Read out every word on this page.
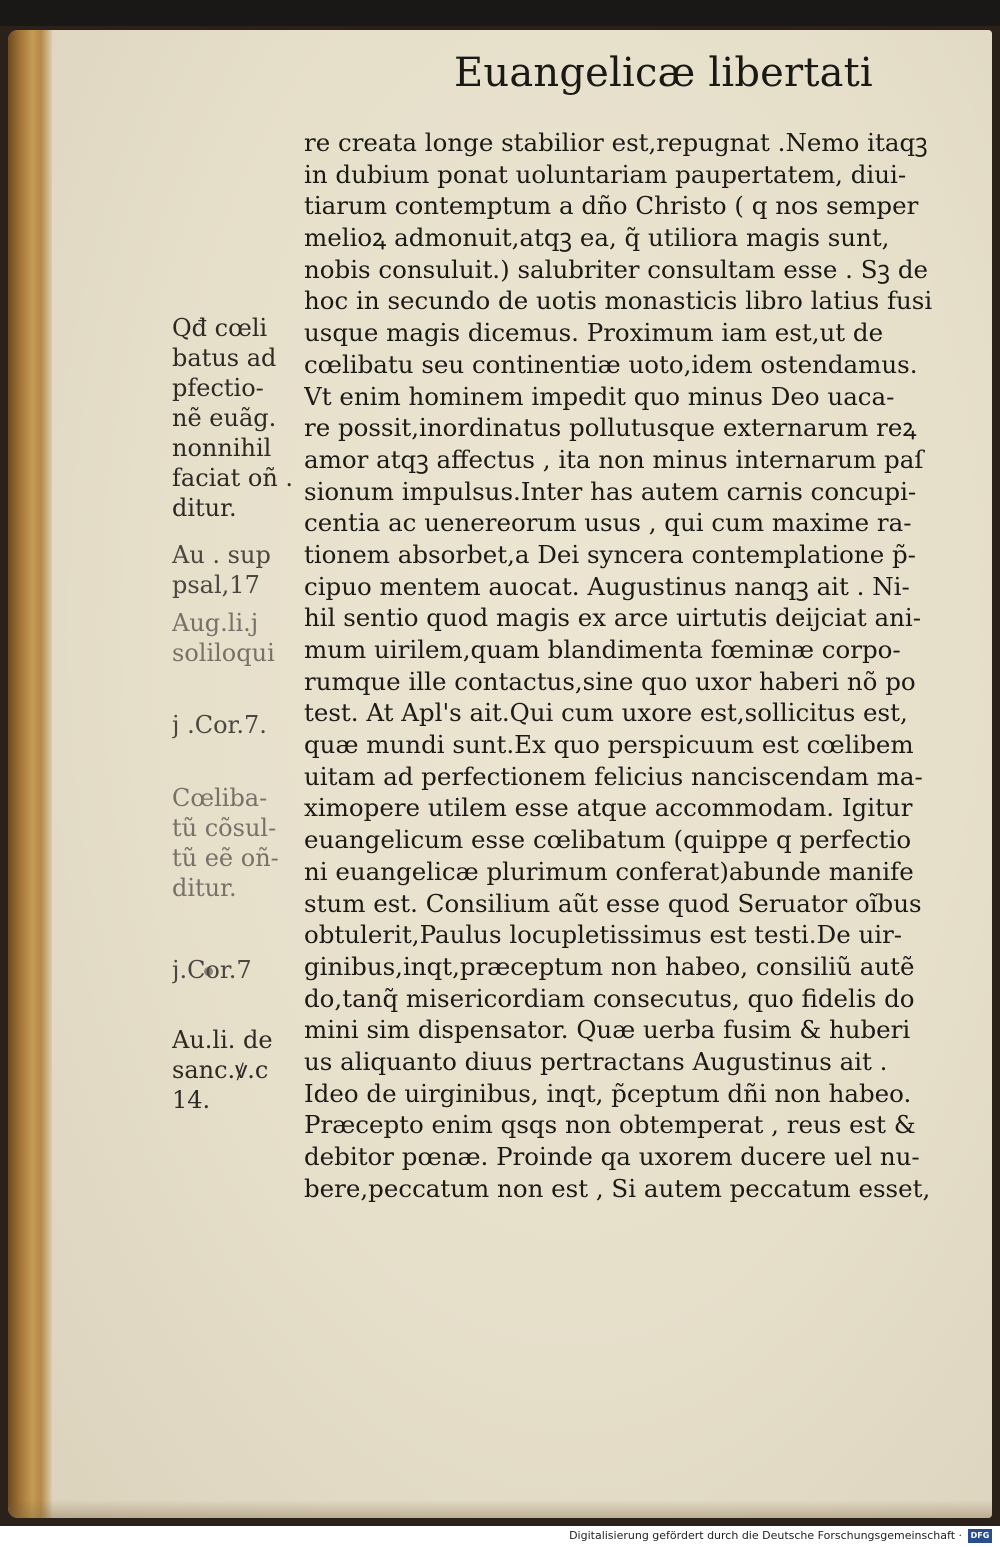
Euangelicæ libertati
re creata longe stabilior est,repugnat .Nemo itaqꝫ
in dubium ponat uoluntariam paupertatem, diui-
tiarum contemptum a dño Christo ( q nos semper
melioꝝ admonuit,atqꝫ ea, q̃ utiliora magis sunt,
nobis consuluit.) salubriter consultam esse . Sꝫ de
hoc in secundo de uotis monasticis libro latius fusi
usque magis dicemus. Proximum iam est,ut de
cœlibatu seu continentiæ uoto,idem ostendamus.
Vt enim hominem impedit quo minus Deo uaca-
re possit,inordinatus pollutusque externarum reꝝ
amor atqꝫ affectus , ita non minus internarum paſ
sionum impulsus.Inter has autem carnis concupi-
centia ac uenereorum usus , qui cum maxime ra-
tionem absorbet,a Dei syncera contemplatione p̃-
cipuo mentem auocat. Augustinus nanqꝫ ait . Ni-
hil sentio quod magis ex arce uirtutis deijciat ani-
mum uirilem,quam blandimenta fœminæ corpo-
rumque ille contactus,sine quo uxor haberi nõ po
test. At Apl's ait.Qui cum uxore est,sollicitus est,
quæ mundi sunt.Ex quo perspicuum est cœlibem
uitam ad perfectionem felicius nanciscendam ma-
ximopere utilem esse atque accommodam. Igitur
euangelicum esse cœlibatum (quippe q perfectio
ni euangelicæ plurimum conferat)abunde manife
stum est. Consilium aũt esse quod Seruator oĩbus
obtulerit,Paulus locupletissimus est testi.De uir-
ginibus,inqt,præceptum non habeo, consiliũ autẽ
do,tanq̃ misericordiam consecutus, quo fidelis do
mini sim dispensator. Quæ uerba fusim & huberi
us aliquanto diuus pertractans Augustinus ait .
Ideo de uirginibus, inqt, p̃ceptum dñi non habeo.
Præcepto enim qsqs non obtemperat , reus est &
debitor pœnæ. Proinde qa uxorem ducere uel nu-
bere,peccatum non est , Si autem peccatum esset,
Qđ cœli
batus ad
pfectio-
nẽ euãg.
nonnihil
faciat oñ .
ditur.
Au . sup
psal,17
Aug.li.j
soliloqui
j .Cor.7.
Cœliba-
tũ cõsul-
tũ eẽ oñ-
ditur.
j.Cor.7
Au.li. de
sanc.ꝟ.c
14.
Digitalisierung gefördert durch die Deutsche Forschungsgemeinschaft ·	DFG
